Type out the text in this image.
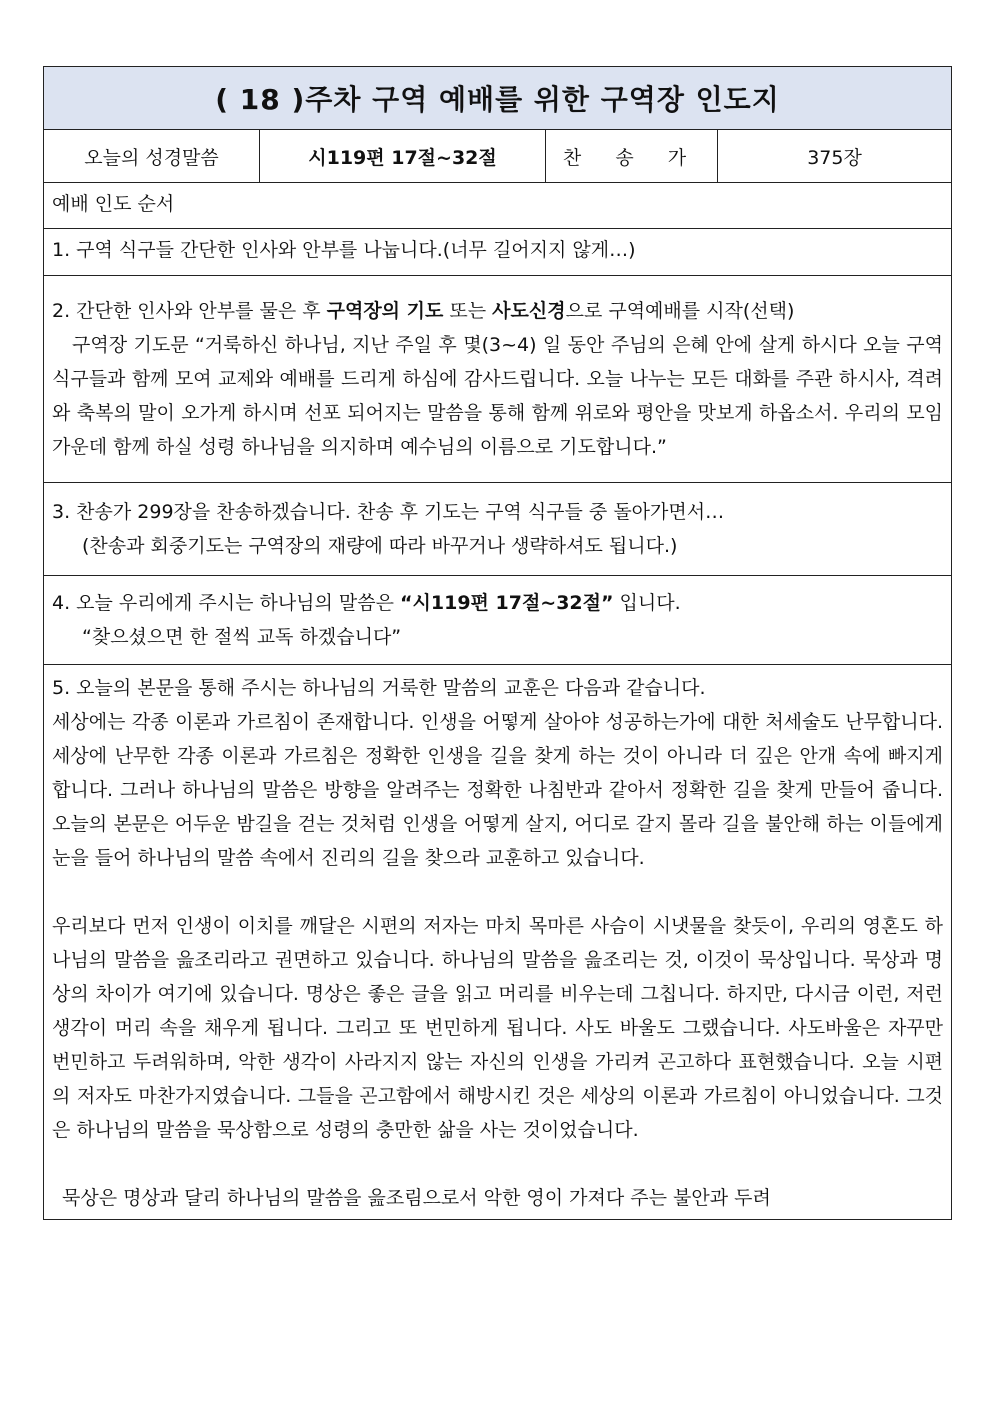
( 18 )주차 구역 예배를 위한 구역장 인도지
오늘의 성경말씀	시119편 17절~32절	찬 송 가	375장

예배 인도 순서

1. 구역 식구들 간단한 인사와 안부를 나눕니다.(너무 길어지지 않게…)

2. 간단한 인사와 안부를 물은 후 구역장의 기도 또는 사도신경으로 구역예배를 시작(선택)

구역장 기도문 “거룩하신 하나님, 지난 주일 후 몇(3~4) 일 동안 주님의 은혜 안에 살게 하시다 오늘 구역 식구들과 함께 모여 교제와 예배를 드리게 하심에 감사드립니다. 오늘 나누는 모든 대화를 주관 하시사, 격려와 축복의 말이 오가게 하시며 선포 되어지는 말씀을 통해 함께 위로와 평안을 맛보게 하옵소서. 우리의 모임 가운데 함께 하실 성령 하나님을 의지하며 예수님의 이름으로 기도합니다.”

3. 찬송가 299장을 찬송하겠습니다. 찬송 후 기도는 구역 식구들 중 돌아가면서…

(찬송과 회중기도는 구역장의 재량에 따라 바꾸거나 생략하셔도 됩니다.)

4. 오늘 우리에게 주시는 하나님의 말씀은 “시119편 17절~32절” 입니다.

“찾으셨으면 한 절씩 교독 하겠습니다”

5. 오늘의 본문을 통해 주시는 하나님의 거룩한 말씀의 교훈은 다음과 같습니다.

세상에는 각종 이론과 가르침이 존재합니다. 인생을 어떻게 살아야 성공하는가에 대한 처세술도 난무합니다. 세상에 난무한 각종 이론과 가르침은 정확한 인생을 길을 찾게 하는 것이 아니라 더 깊은 안개 속에 빠지게 합니다. 그러나 하나님의 말씀은 방향을 알려주는 정확한 나침반과 같아서 정확한 길을 찾게 만들어 줍니다. 오늘의 본문은 어두운 밤길을 걷는 것처럼 인생을 어떻게 살지, 어디로 갈지 몰라 길을 불안해 하는 이들에게 눈을 들어 하나님의 말씀 속에서 진리의 길을 찾으라 교훈하고 있습니다.

우리보다 먼저 인생이 이치를 깨달은 시편의 저자는 마치 목마른 사슴이 시냇물을 찾듯이, 우리의 영혼도 하나님의 말씀을 읊조리라고 권면하고 있습니다. 하나님의 말씀을 읊조리는 것, 이것이 묵상입니다. 묵상과 명상의 차이가 여기에 있습니다. 명상은 좋은 글을 읽고 머리를 비우는데 그칩니다. 하지만, 다시금 이런, 저런 생각이 머리 속을 채우게 됩니다. 그리고 또 번민하게 됩니다. 사도 바울도 그랬습니다. 사도바울은 자꾸만 번민하고 두려워하며, 악한 생각이 사라지지 않는 자신의 인생을 가리켜 곤고하다 표현했습니다. 오늘 시편의 저자도 마찬가지였습니다. 그들을 곤고함에서 해방시킨 것은 세상의 이론과 가르침이 아니었습니다. 그것은 하나님의 말씀을 묵상함으로 성령의 충만한 삶을 사는 것이었습니다.

묵상은 명상과 달리 하나님의 말씀을 읊조림으로서 악한 영이 가져다 주는 불안과 두려
